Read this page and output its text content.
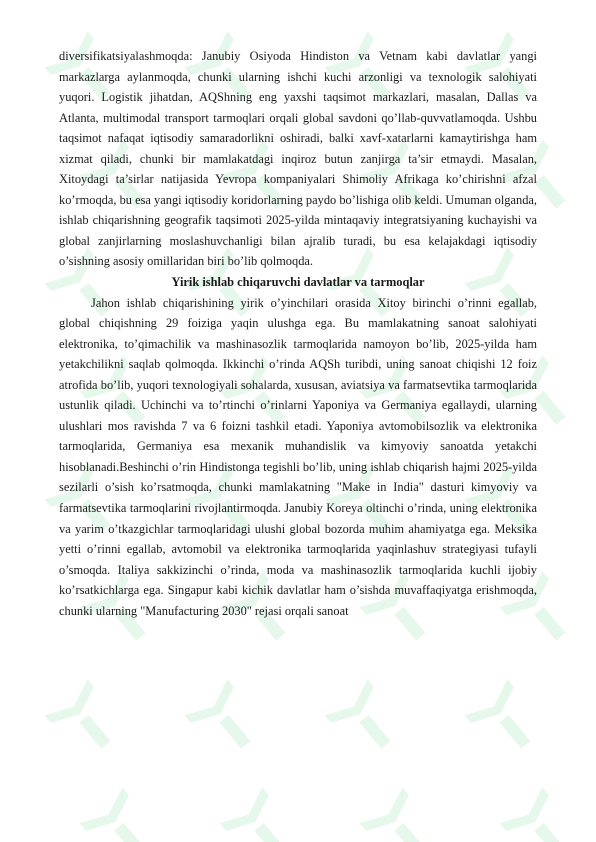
diversifikatsiyalashmoqda: Janubiy Osiyoda Hindiston va Vetnam kabi davlatlar yangi markazlarga aylanmoqda, chunki ularning ishchi kuchi arzonligi va texnologik salohiyati yuqori. Logistik jihatdan, AQShning eng yaxshi taqsimot markazlari, masalan, Dallas va Atlanta, multimodal transport tarmoqlari orqali global savdoni qo’llab-quvvatlamoqda. Ushbu taqsimot nafaqat iqtisodiy samaradorlikni oshiradi, balki xavf-xatarlarni kamaytirishga ham xizmat qiladi, chunki bir mamlakatdagi inqiroz butun zanjirga ta’sir etmaydi. Masalan, Xitoydagi ta’sirlar natijasida Yevropa kompaniyalari Shimoliy Afrikaga ko’chirishni afzal ko’rmoqda, bu esa yangi iqtisodiy koridorlarning paydo bo’lishiga olib keldi. Umuman olganda, ishlab chiqarishning geografik taqsimoti 2025-yilda mintaqaviy integratsiyaning kuchayishi va global zanjirlarning moslashuvchanligi bilan ajralib turadi, bu esa kelajakdagi iqtisodiy o’sishning asosiy omillaridan biri bo’lib qolmoqda.

Yirik ishlab chiqaruvchi davlatlar va tarmoqlar

Jahon ishlab chiqarishining yirik o’yinchilari orasida Xitoy birinchi o’rinni egallab, global chiqishning 29 foiziga yaqin ulushga ega. Bu mamlakatning sanoat salohiyati elektronika, to’qimachilik va mashinasozlik tarmoqlarida namoyon bo’lib, 2025-yilda ham yetakchilikni saqlab qolmoqda. Ikkinchi o’rinda AQSh turibdi, uning sanoat chiqishi 12 foiz atrofida bo’lib, yuqori texnologiyali sohalarda, xususan, aviatsiya va farmatsevtika tarmoqlarida ustunlik qiladi. Uchinchi va to’rtinchi o’rinlarni Yaponiya va Germaniya egallaydi, ularning ulushlari mos ravishda 7 va 6 foizni tashkil etadi. Yaponiya avtomobilsozlik va elektronika tarmoqlarida, Germaniya esa mexanik muhandislik va kimyoviy sanoatda yetakchi hisoblanadi.Beshinchi o’rin Hindistonga tegishli bo’lib, uning ishlab chiqarish hajmi 2025-yilda sezilarli o’sish ko’rsatmoqda, chunki mamlakatning "Make in India" dasturi kimyoviy va farmatsevtika tarmoqlarini rivojlantirmoqda. Janubiy Koreya oltinchi o’rinda, uning elektronika va yarim o’tkazgichlar tarmoqlaridagi ulushi global bozorda muhim ahamiyatga ega. Meksika yetti o’rinni egallab, avtomobil va elektronika tarmoqlarida yaqinlashuv strategiyasi tufayli o’smoqda. Italiya sakkizinchi o’rinda, moda va mashinasozlik tarmoqlarida kuchli ijobiy ko’rsatkichlarga ega. Singapur kabi kichik davlatlar ham o’sishda muvaffaqiyatga erishmoqda, chunki ularning "Manufacturing 2030" rejasi orqali sanoat
